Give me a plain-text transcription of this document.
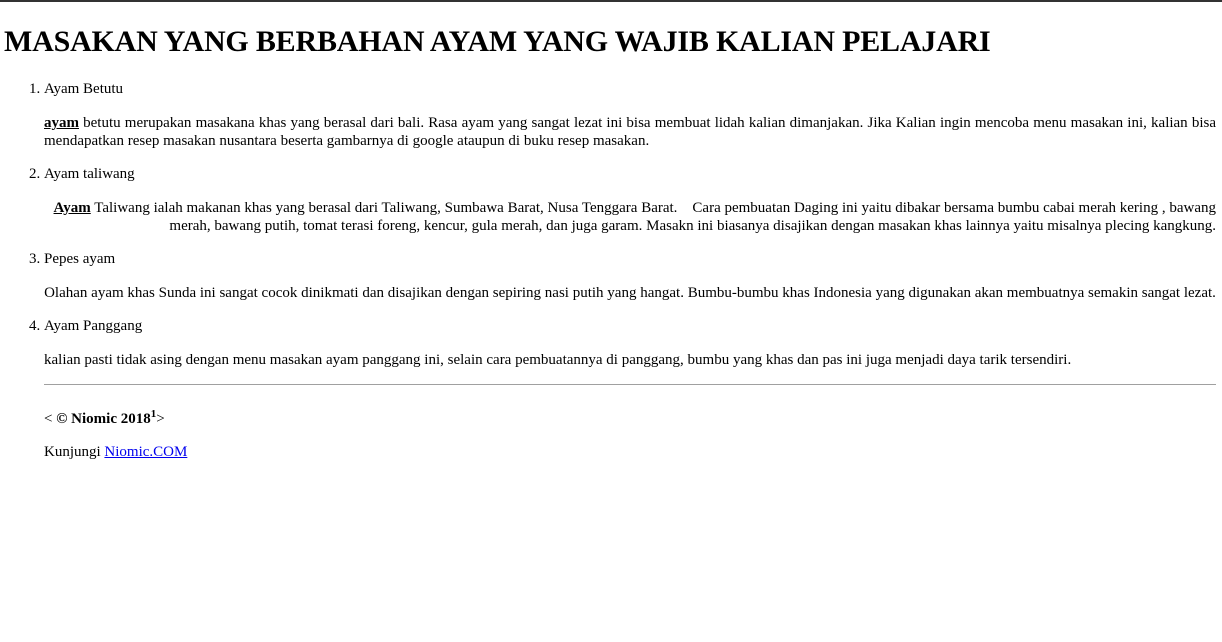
MASAKAN YANG BERBAHAN AYAM YANG WAJIB KALIAN PELAJARI
1. Ayam Betutu

ayam betutu merupakan masakana khas yang berasal dari bali. Rasa ayam yang sangat lezat ini bisa membuat lidah kalian dimanjakan. Jika Kalian ingin mencoba menu masakan ini, kalian bisa mendapatkan resep masakan nusantara beserta gambarnya di google ataupun di buku resep masakan.

2. Ayam taliwang

Ayam Taliwang ialah makanan khas yang berasal dari Taliwang, Sumbawa Barat, Nusa Tenggara Barat.    Cara pembuatan Daging ini yaitu dibakar bersama bumbu cabai merah kering , bawang merah, bawang putih, tomat terasi foreng, kencur, gula merah, dan juga garam. Masakn ini biasanya disajikan dengan masakan khas lainnya yaitu misalnya plecing kangkung.

3. Pepes ayam

Olahan ayam khas Sunda ini sangat cocok dinikmati dan disajikan dengan sepiring nasi putih yang hangat. Bumbu-bumbu khas Indonesia yang digunakan akan membuatnya semakin sangat lezat.

4. Ayam Panggang

kalian pasti tidak asing dengan menu masakan ayam panggang ini, selain cara pembuatannya di panggang, bumbu yang khas dan pas ini juga menjadi daya tarik tersendiri.

< © Niomic $2018^1>$
Kunjungi Niomic.COM
